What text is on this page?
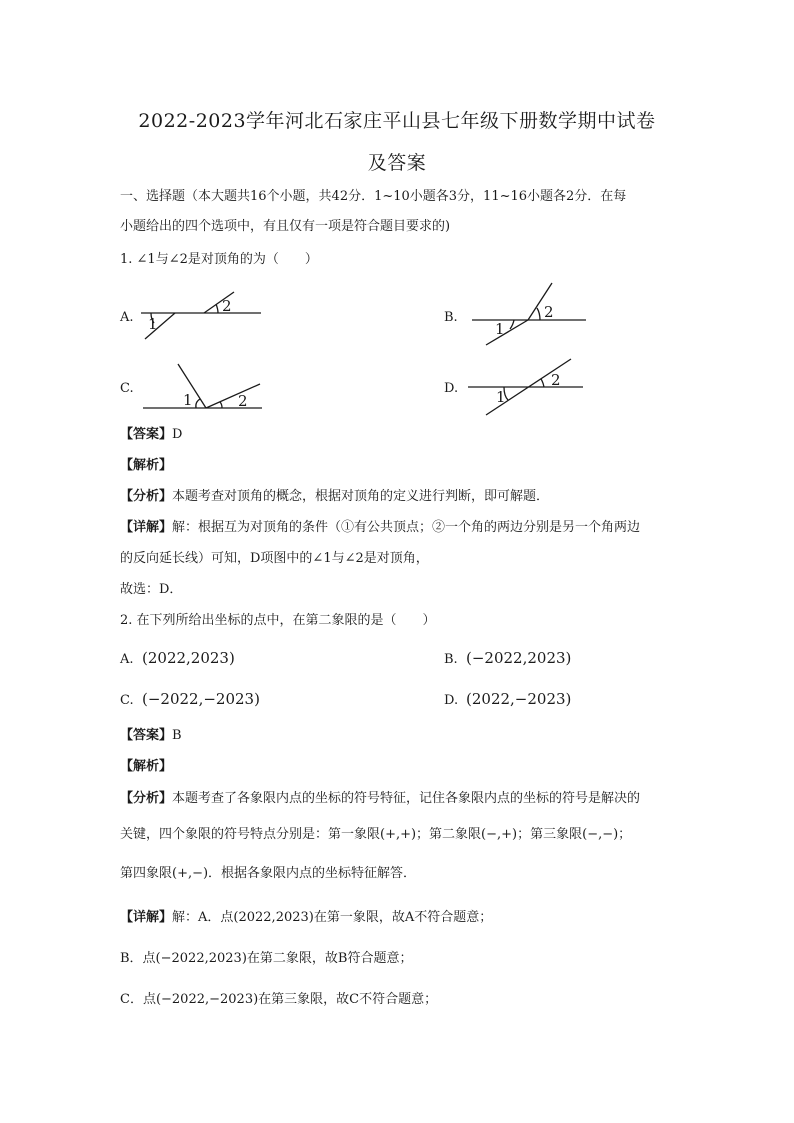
2022-2023学年河北石家庄平山县七年级下册数学期中试卷
及答案
一、选择题（本大题共16个小题，共42分．1~10小题各3分，11~16小题各2分．在每
小题给出的四个选项中，有且仅有一项是符合题目要求的)
1. ∠1与∠2是对顶角的为（　　）
A. 1
2
B.
1
2
C.
1	2
D.	1
2
【答案】D
【解析】
【分析】本题考查对顶角的概念，根据对顶角的定义进行判断，即可解题．
【详解】解：根据互为对顶角的条件（①有公共顶点；②一个角的两边分别是另一个角两边
的反向延长线）可知，D项图中的∠1与∠2是对顶角，
故选：D．
2. 在下列所给出坐标的点中，在第二象限的是（　　）
A. (2022,2023)	B. (−2022,2023)
C. (−2022,−2023)	D. (2022,−2023)
【答案】B
【解析】
【分析】本题考查了各象限内点的坐标的符号特征，记住各象限内点的坐标的符号是解决的
关键，四个象限的符号特点分别是：第一象限(+,+)；第二象限(−,+)；第三象限(−,−)；
第四象限(+,−)．根据各象限内点的坐标特征解答．
【详解】解：A．点(2022,2023)在第一象限，故A不符合题意；
B．点(−2022,2023)在第二象限，故B符合题意；
C．点(−2022,−2023)在第三象限，故C不符合题意；
